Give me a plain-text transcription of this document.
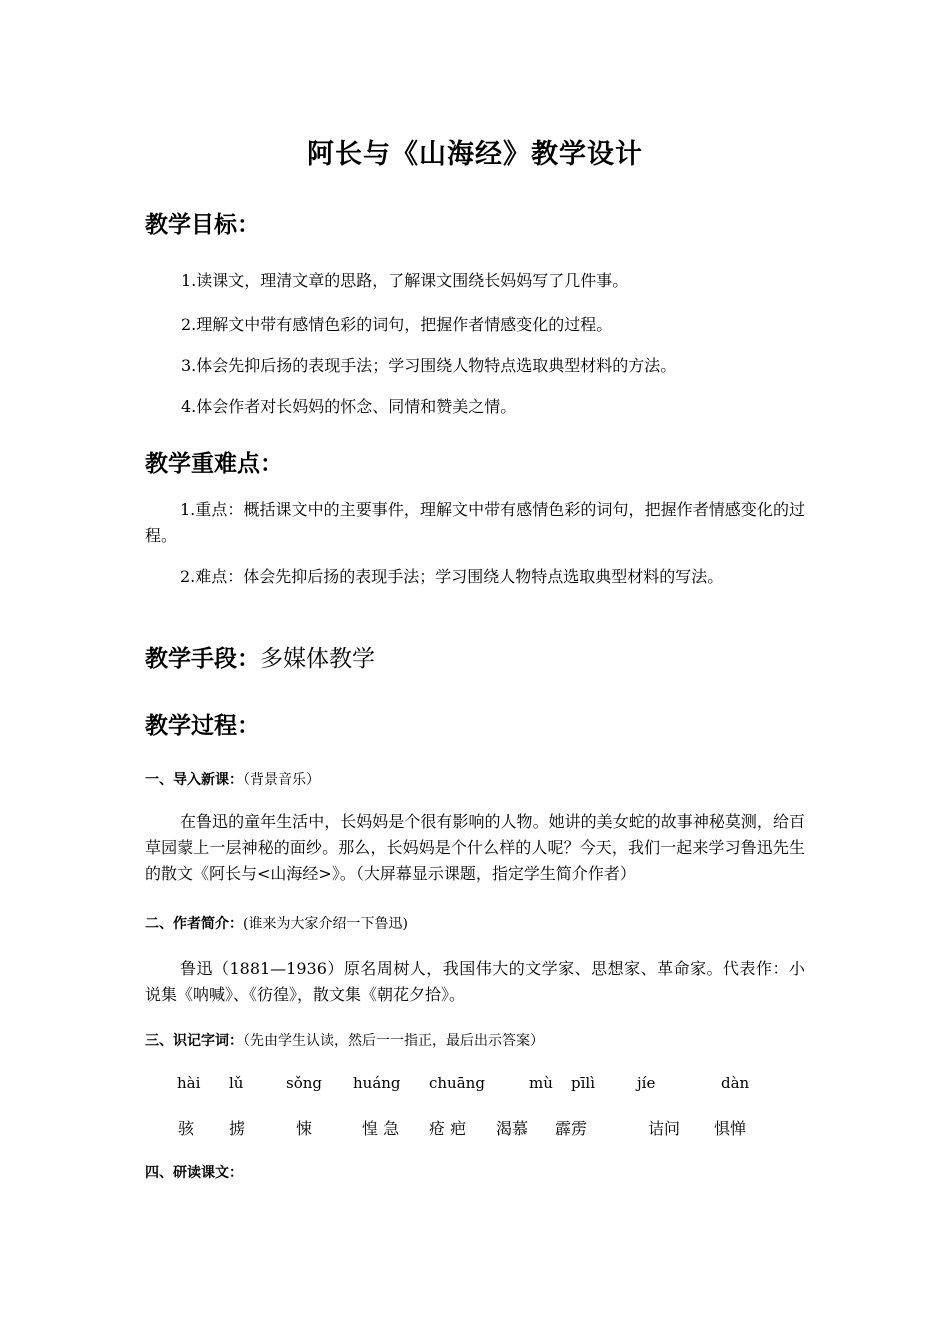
阿长与《山海经》教学设计
教学目标：
1.读课文，理清文章的思路，了解课文围绕长妈妈写了几件事。
2.理解文中带有感情色彩的词句，把握作者情感变化的过程。
3.体会先抑后扬的表现手法；学习围绕人物特点选取典型材料的方法。
4.体会作者对长妈妈的怀念、同情和赞美之情。
教学重难点：
1.重点：概括课文中的主要事件，理解文中带有感情色彩的词句，把握作者情感变化的过程。
2.难点：体会先抑后扬的表现手法；学习围绕人物特点选取典型材料的写法。
教学手段：多媒体教学
教学过程：
一、导入新课：（背景音乐）
在鲁迅的童年生活中，长妈妈是个很有影响的人物。她讲的美女蛇的故事神秘莫测，给百草园蒙上一层神秘的面纱。那么，长妈妈是个什么样的人呢？今天，我们一起来学习鲁迅先生的散文《阿长与<山海经>》。（大屏幕显示课题，指定学生简介作者）
二、作者简介：(谁来为大家介绍一下鲁迅)
鲁迅（1881—1936）原名周树人，我国伟大的文学家、思想家、革命家。代表作：小说集《呐喊》、《彷徨》，散文集《朝花夕拾》。
三、识记字词：（先由学生认读，然后一一指正，最后出示答案）
hài lǔ	sǒng huáng chuāng	mù pīlì	jíe	dàn
骇 掳	悚	惶 急 疮 疤 渴慕 霹雳	诘问 惧惮
四、研读课文：
